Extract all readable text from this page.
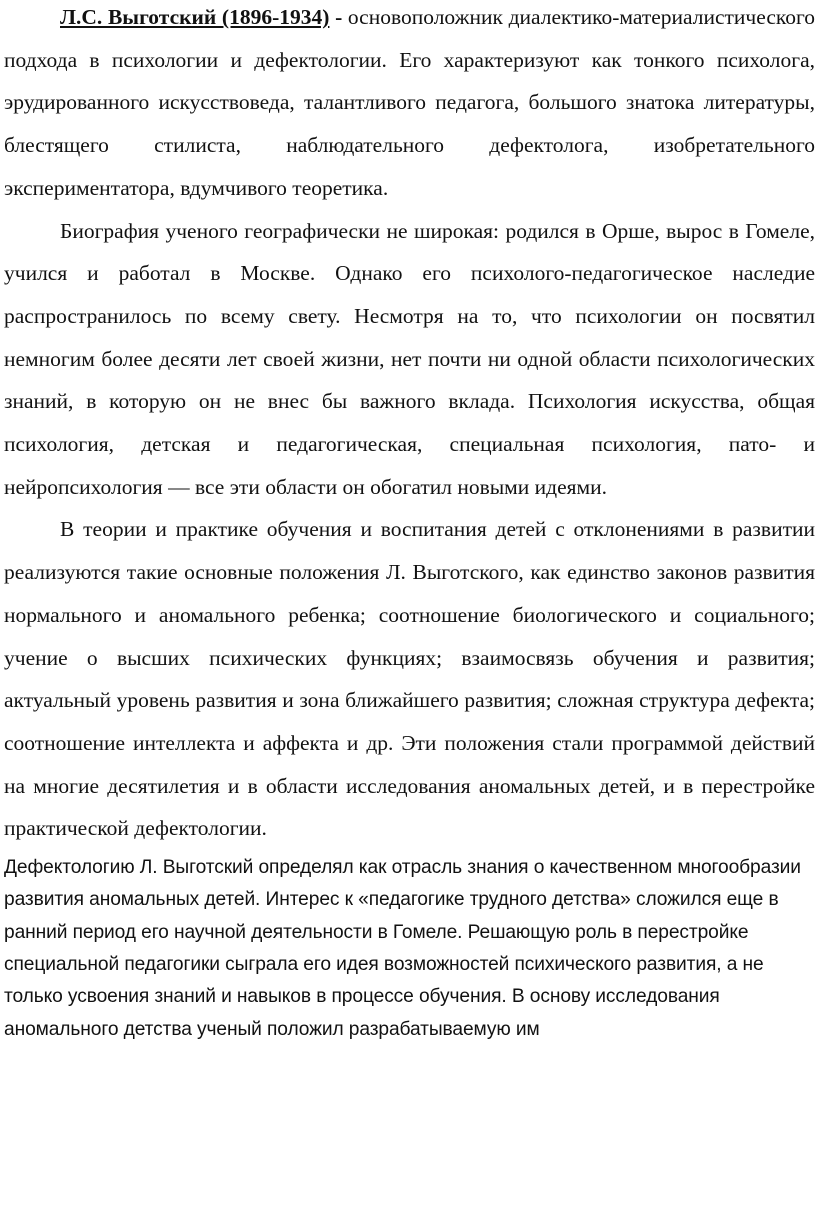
Л.С. Выготский (1896-1934) - основоположник диалектико-материалистического подхода в психологии и дефектологии. Его характеризуют как тонкого психолога, эрудированного искусствоведа, талантливого педагога, большого знатока литературы, блестящего стилиста, наблюдательного дефектолога, изобретательного экспериментатора, вдумчивого теоретика.

Биография ученого географически не широкая: родился в Орше, вырос в Гомеле, учился и работал в Москве. Однако его психолого-педагогическое наследие распространилось по всему свету. Несмотря на то, что психологии он посвятил немногим более десяти лет своей жизни, нет почти ни одной области психологических знаний, в которую он не внес бы важного вклада. Психология искусства, общая психология, детская и педагогическая, специальная психология, пато- и нейропсихология — все эти области он обогатил новыми идеями.

В теории и практике обучения и воспитания детей с отклонениями в развитии реализуются такие основные положения Л. Выготского, как единство законов развития нормального и аномального ребенка; соотношение биологического и социального; учение о высших психических функциях; взаимосвязь обучения и развития; актуальный уровень развития и зона ближайшего развития; сложная структура дефекта; соотношение интеллекта и аффекта и др. Эти положения стали программой действий на многие десятилетия и в области исследования аномальных детей, и в перестройке практической дефектологии.

Дефектологию Л. Выготский определял как отрасль знания о качественном многообразии развития аномальных детей. Интерес к «педагогике трудного детства» сложился еще в ранний период его научной деятельности в Гомеле. Решающую роль в перестройке специальной педагогики сыграла его идея возможностей психического развития, а не только усвоения знаний и навыков в процессе обучения. В основу исследования аномального детства ученый положил разрабатываемую им
